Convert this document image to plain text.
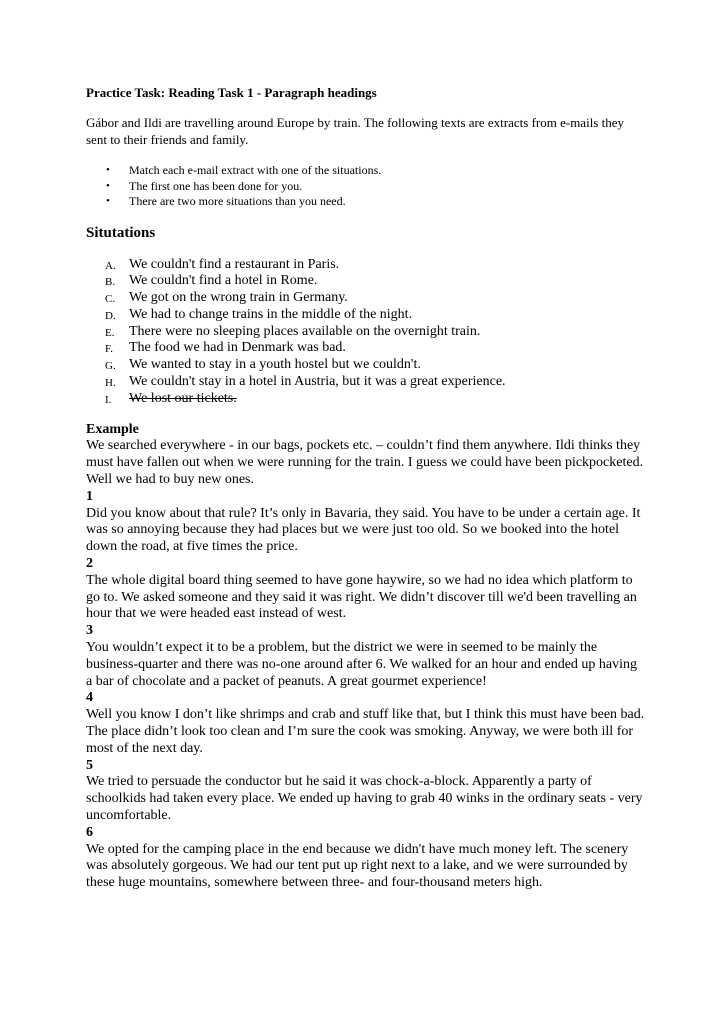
Practice Task: Reading Task 1 - Paragraph headings

Gábor and Ildi are travelling around Europe by train. The following texts are extracts from e-mails they sent to their friends and family.

• Match each e-mail extract with one of the situations.
• The first one has been done for you.
• There are two more situations than you need.

Situtations

A. We couldn't find a restaurant in Paris.
B. We couldn't find a hotel in Rome.
C. We got on the wrong train in Germany.
D. We had to change trains in the middle of the night.
E. There were no sleeping places available on the overnight train.
F. The food we had in Denmark was bad.
G. We wanted to stay in a youth hostel but we couldn't.
H. We couldn't stay in a hotel in Austria, but it was a great experience.
I. We lost our tickets.

Example

We searched everywhere - in our bags, pockets etc. – couldn’t find them anywhere. Ildi thinks they must have fallen out when we were running for the train. I guess we could have been pickpocketed. Well we had to buy new ones.

1

Did you know about that rule? It’s only in Bavaria, they said. You have to be under a certain age. It was so annoying because they had places but we were just too old. So we booked into the hotel down the road, at five times the price.

2

The whole digital board thing seemed to have gone haywire, so we had no idea which platform to go to. We asked someone and they said it was right. We didn’t discover till we'd been travelling an hour that we were headed east instead of west.

3

You wouldn’t expect it to be a problem, but the district we were in seemed to be mainly the business-quarter and there was no-one around after 6. We walked for an hour and ended up having a bar of chocolate and a packet of peanuts. A great gourmet experience!

4

Well you know I don’t like shrimps and crab and stuff like that, but I think this must have been bad. The place didn’t look too clean and I’m sure the cook was smoking. Anyway, we were both ill for most of the next day.

5

We tried to persuade the conductor but he said it was chock-a-block. Apparently a party of schoolkids had taken every place. We ended up having to grab 40 winks in the ordinary seats - very uncomfortable.

6

We opted for the camping place in the end because we didn't have much money left. The scenery was absolutely gorgeous. We had our tent put up right next to a lake, and we were surrounded by these huge mountains, somewhere between three- and four-thousand meters high.
